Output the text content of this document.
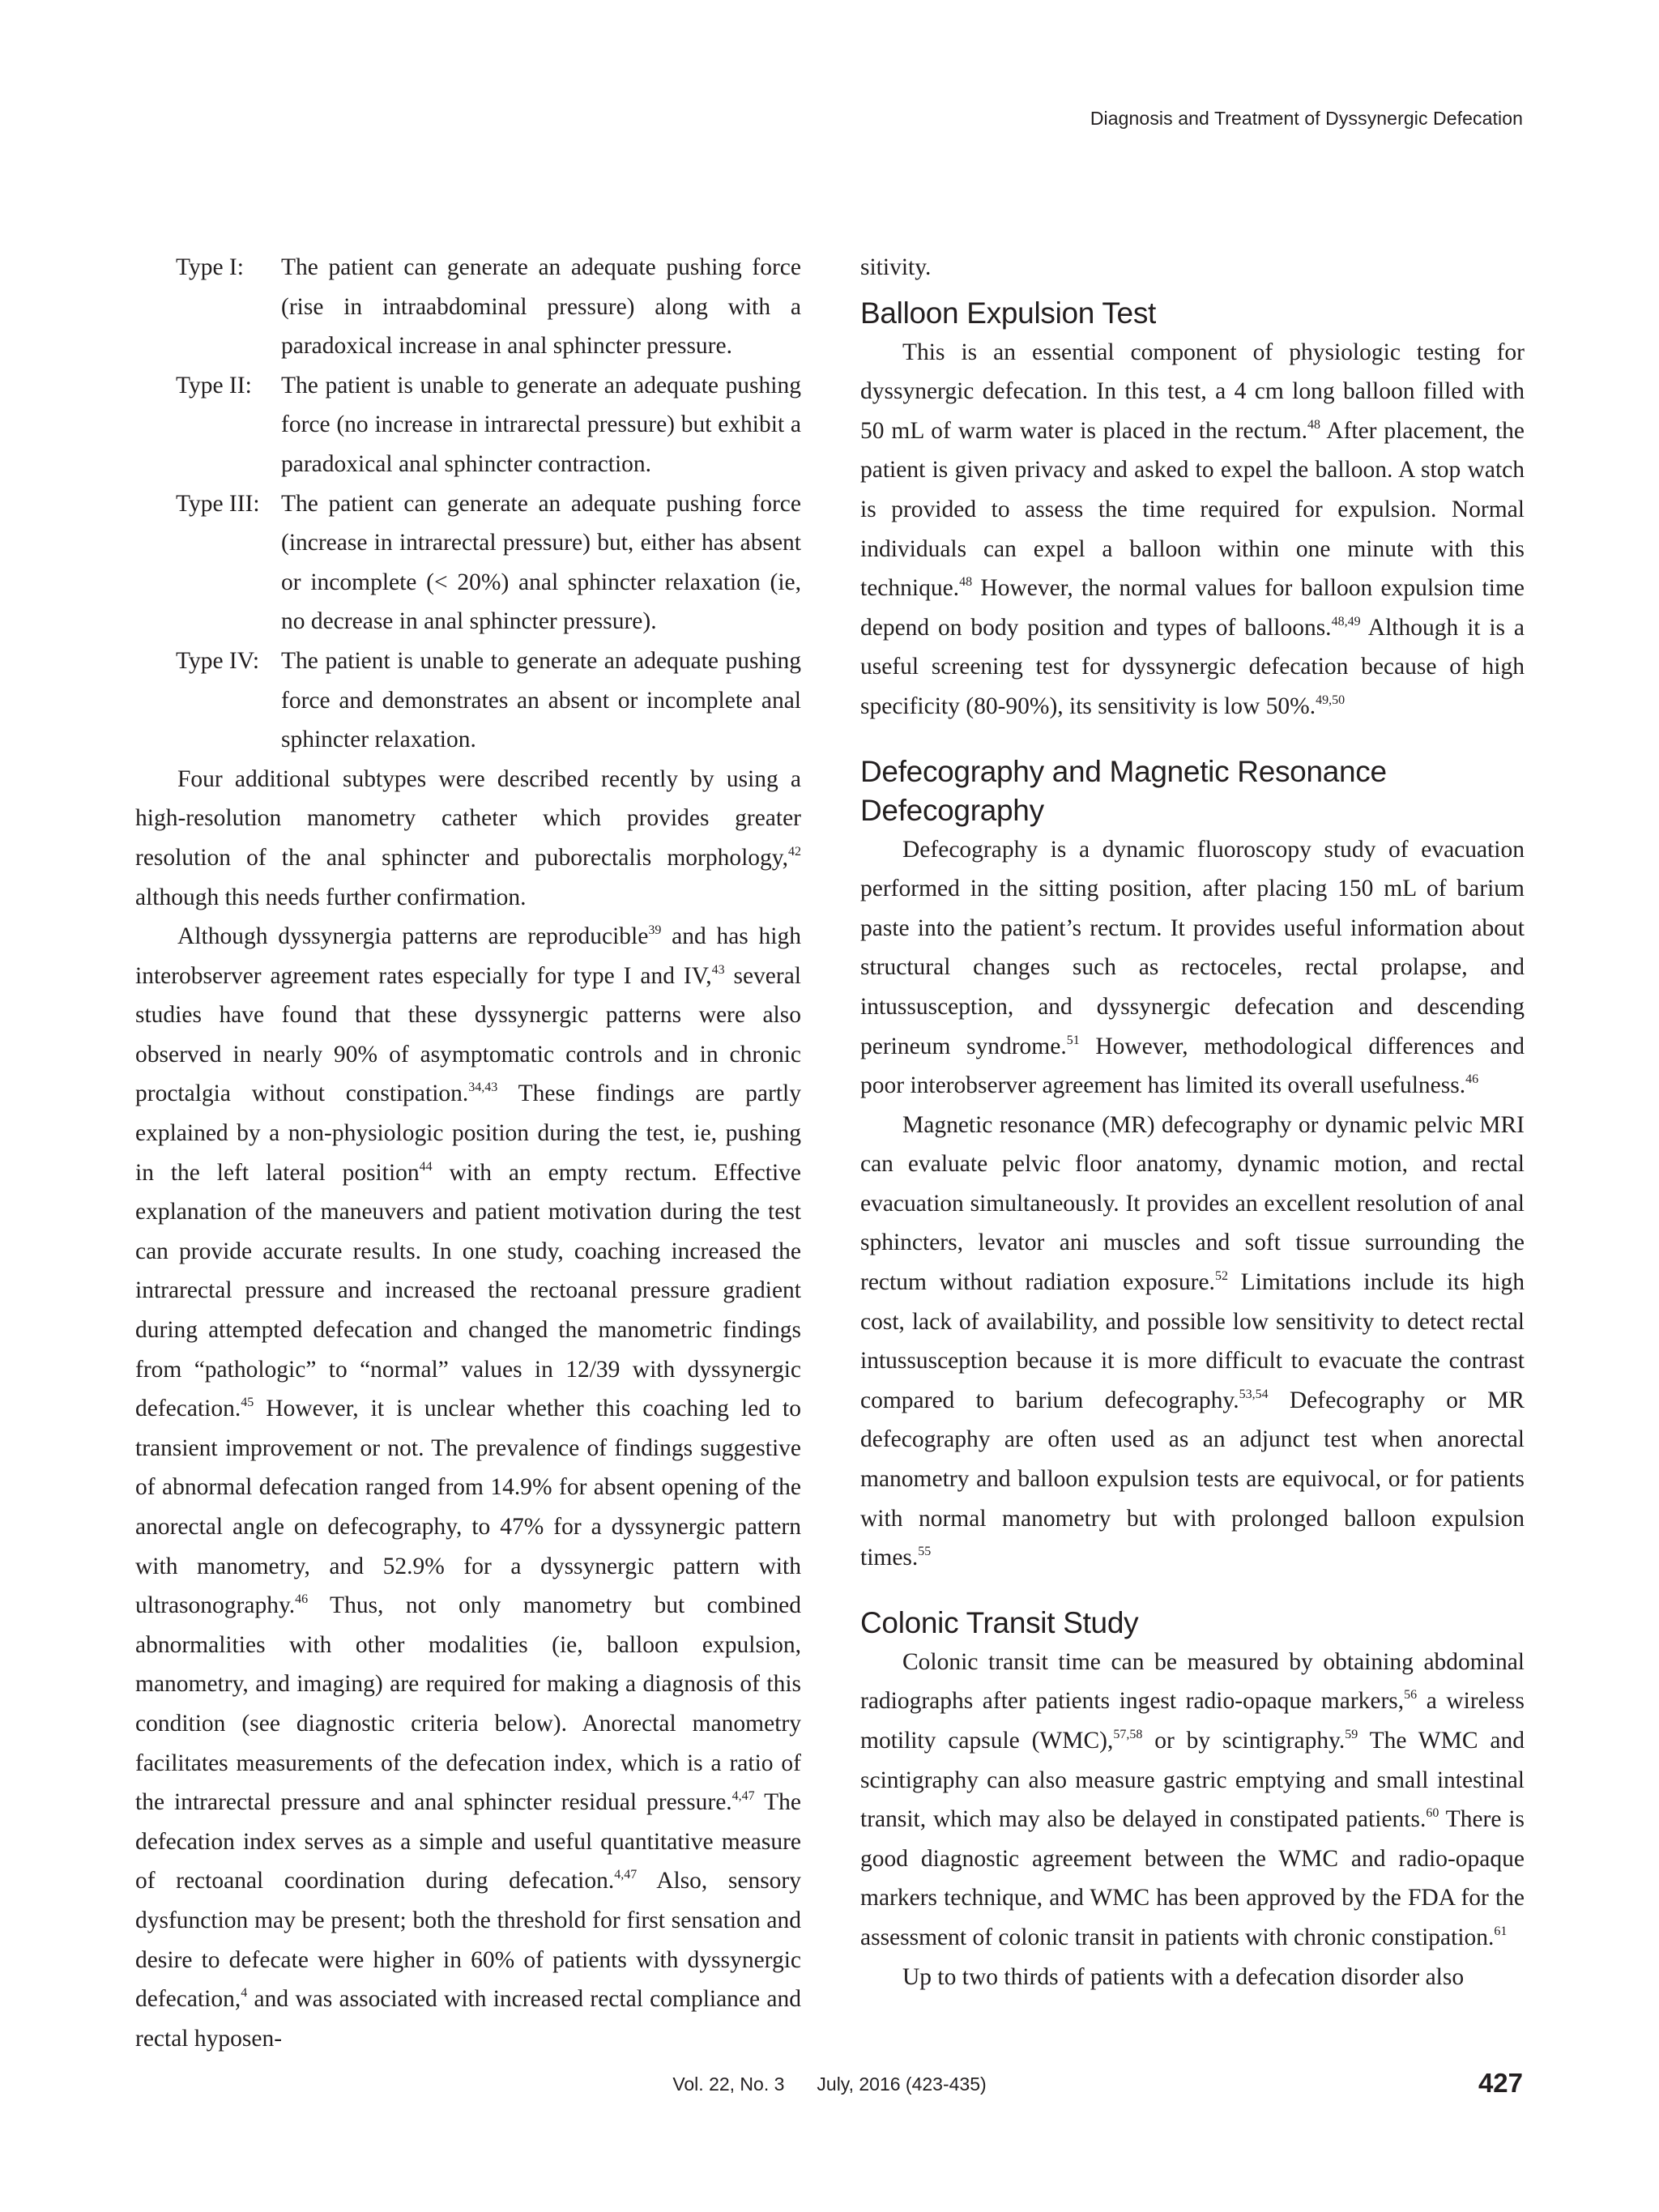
Diagnosis and Treatment of Dyssynergic Defecation
Type I:	The patient can generate an adequate pushing force (rise in intraabdominal pressure) along with a paradoxical increase in anal sphincter pressure.
Type II:	The patient is unable to generate an adequate pushing force (no increase in intrarectal pressure) but exhibit a paradoxical anal sphincter contraction.
Type III: The patient can generate an adequate pushing force (increase in intrarectal pressure) but, either has absent or incomplete (< 20%) anal sphincter relaxation (ie, no decrease in anal sphincter pressure).
Type IV: The patient is unable to generate an adequate pushing force and demonstrates an absent or incomplete anal sphincter relaxation.

Four additional subtypes were described recently by using a high-resolution manometry catheter which provides greater resolution of the anal sphincter and puborectalis morphology,$^{42}$ although this needs further confirmation.

Although dyssynergia patterns are reproducible$^{39}$ and has high interobserver agreement rates especially for type I and IV,$^{43}$ several studies have found that these dyssynergic patterns were also observed in nearly 90% of asymptomatic controls and in chronic proctalgia without constipation.$^{34,43}$ These findings are partly explained by a non-physiologic position during the test, ie, pushing in the left lateral position$^{44}$ with an empty rectum. Effective explanation of the maneuvers and patient motivation during the test can provide accurate results. In one study, coaching increased the intrarectal pressure and increased the rectoanal pressure gradient during attempted defecation and changed the manometric findings from “pathologic” to “normal” values in 12/39 with dyssynergic defecation.$^{45}$ However, it is unclear whether this coaching led to transient improvement or not. The prevalence of findings suggestive of abnormal defecation ranged from 14.9% for absent opening of the anorectal angle on defecography, to 47% for a dyssynergic pattern with manometry, and 52.9% for a dyssynergic pattern with ultrasonography.$^{46}$ Thus, not only manometry but combined abnormalities with other modalities (ie, balloon expulsion, manometry, and imaging) are required for making a diagnosis of this condition (see diagnostic criteria below). Anorectal manometry facilitates measurements of the defecation index, which is a ratio of the intrarectal pressure and anal sphincter residual pressure.$^{4,47}$ The defecation index serves as a simple and useful quantitative measure of rectoanal coordination during defecation.$^{4,47}$ Also, sensory dysfunction may be present; both the threshold for first sensation and desire to defecate were higher in 60% of patients with dyssynergic defecation,$^4$ and was associated with increased rectal compliance and rectal hyposen-

sitivity.

Balloon Expulsion Test

This is an essential component of physiologic testing for dyssynergic defecation. In this test, a 4 cm long balloon filled with 50 mL of warm water is placed in the rectum.$^{48}$ After placement, the patient is given privacy and asked to expel the balloon. A stop watch is provided to assess the time required for expulsion. Normal individuals can expel a balloon within one minute with this technique.$^{48}$ However, the normal values for balloon expulsion time depend on body position and types of balloons.$^{48,49}$ Although it is a useful screening test for dyssynergic defecation because of high specificity (80-90%), its sensitivity is low 50%.$^{49,50}$

Defecography and Magnetic Resonance Defecography

Defecography is a dynamic fluoroscopy study of evacuation performed in the sitting position, after placing 150 mL of barium paste into the patient’s rectum. It provides useful information about structural changes such as rectoceles, rectal prolapse, and intussusception, and dyssynergic defecation and descending perineum syndrome.$^{51}$ However, methodological differences and poor interobserver agreement has limited its overall usefulness.$^{46}$

Magnetic resonance (MR) defecography or dynamic pelvic MRI can evaluate pelvic floor anatomy, dynamic motion, and rectal evacuation simultaneously. It provides an excellent resolution of anal sphincters, levator ani muscles and soft tissue surrounding the rectum without radiation exposure.$^{52}$ Limitations include its high cost, lack of availability, and possible low sensitivity to detect rectal intussusception because it is more difficult to evacuate the contrast compared to barium defecography.$^{53,54}$ Defecography or MR defecography are often used as an adjunct test when anorectal manometry and balloon expulsion tests are equivocal, or for patients with normal manometry but with prolonged balloon expulsion times.$^{55}$

Colonic Transit Study

Colonic transit time can be measured by obtaining abdominal radiographs after patients ingest radio-opaque markers,$^{56}$ a wireless motility capsule (WMC),$^{57,58}$ or by scintigraphy.$^{59}$ The WMC and scintigraphy can also measure gastric emptying and small intestinal transit, which may also be delayed in constipated patients.$^{60}$ There is good diagnostic agreement between the WMC and radio-opaque markers technique, and WMC has been approved by the FDA for the assessment of colonic transit in patients with chronic constipation.$^{61}$

Up to two thirds of patients with a defecation disorder also

Vol. 22, No. 3 July, 2016 (423-435)	427
